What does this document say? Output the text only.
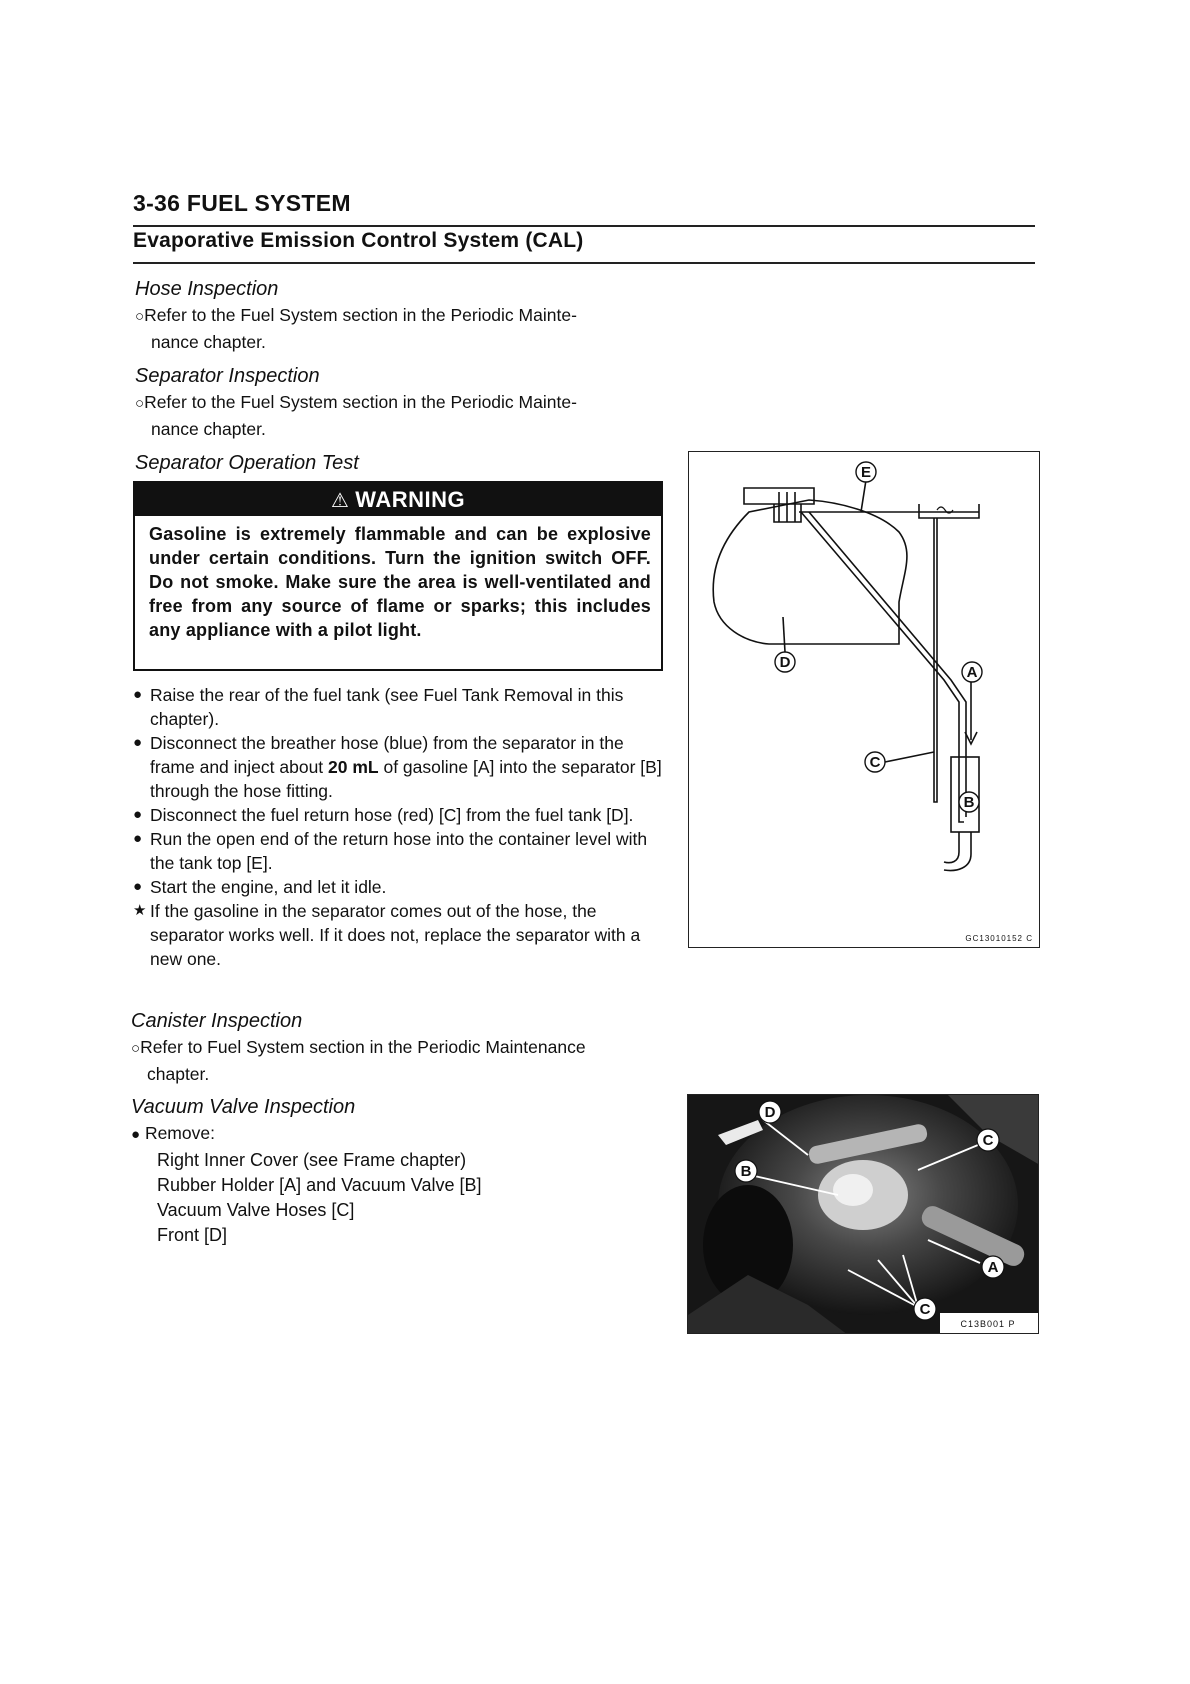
3-36 FUEL SYSTEM
Evaporative Emission Control System (CAL)
Hose Inspection
○Refer to the Fuel System section in the Periodic Mainte-
nance chapter.
Separator Inspection
○Refer to the Fuel System section in the Periodic Mainte-
nance chapter.
Separator Operation Test
⚠ WARNING
Gasoline is extremely flammable and can be explosive under certain conditions. Turn the ignition switch OFF. Do not smoke. Make sure the area is well-ventilated and free from any source of flame or sparks; this includes any appliance with a pilot light.
● Raise the rear of the fuel tank (see Fuel Tank Removal in this chapter).
● Disconnect the breather hose (blue) from the separator in the frame and inject about 20 mL of gasoline [A] into the separator [B] through the hose fitting.
● Disconnect the fuel return hose (red) [C] from the fuel tank [D].
● Run the open end of the return hose into the container level with the tank top [E].
● Start the engine, and let it idle.
★ If the gasoline in the separator comes out of the hose, the separator works well. If it does not, replace the separator with a new one.
E
D
A
C
B
GC13010152 C
Canister Inspection
○Refer to Fuel System section in the Periodic Maintenance
chapter.
Vacuum Valve Inspection
● Remove:
Right Inner Cover (see Frame chapter)
Rubber Holder [A] and Vacuum Valve [B]
Vacuum Valve Hoses [C]
Front [D]
D
B
C
A
C
C13B001 P
